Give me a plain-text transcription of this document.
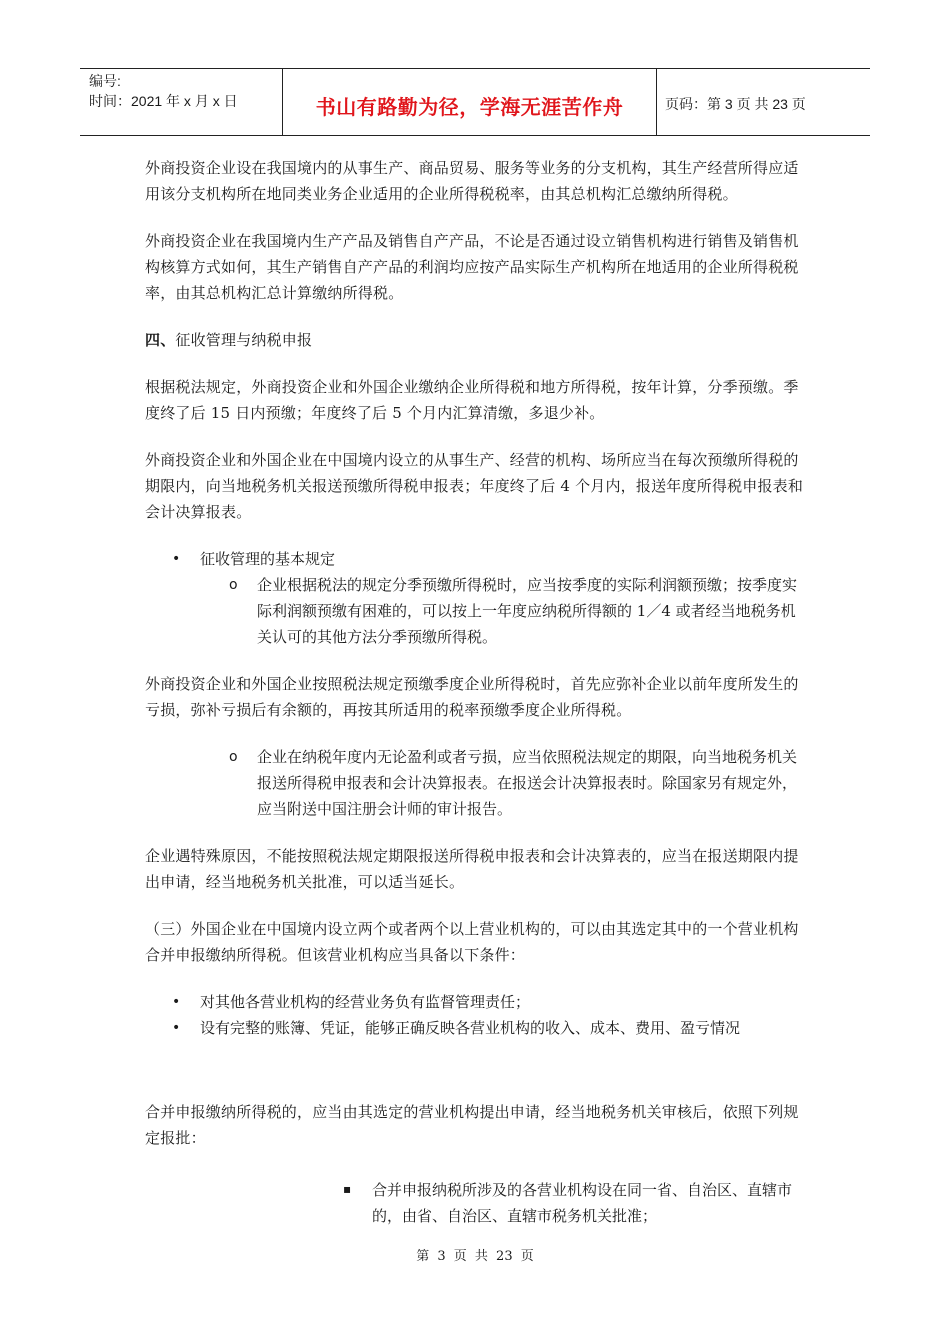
编号:
时间：2021 年 x 月 x 日	书山有路勤为径，学海无涯苦作舟	页码：第 3 页 共 23 页

外商投资企业设在我国境内的从事生产、商品贸易、服务等业务的分支机构，其生产经营所得应适用该分支机构所在地同类业务企业适用的企业所得税税率，由其总机构汇总缴纳所得税。

外商投资企业在我国境内生产产品及销售自产产品，不论是否通过设立销售机构进行销售及销售机构核算方式如何，其生产销售自产产品的利润均应按产品实际生产机构所在地适用的企业所得税税率，由其总机构汇总计算缴纳所得税。

四、征收管理与纳税申报

根据税法规定，外商投资企业和外国企业缴纳企业所得税和地方所得税，按年计算，分季预缴。季度终了后 15 日内预缴；年度终了后 5 个月内汇算清缴，多退少补。

外商投资企业和外国企业在中国境内设立的从事生产、经营的机构、场所应当在每次预缴所得税的期限内，向当地税务机关报送预缴所得税申报表；年度终了后 4 个月内，报送年度所得税申报表和会计决算报表。

• 征收管理的基本规定
o 企业根据税法的规定分季预缴所得税时，应当按季度的实际利润额预缴；按季度实际利润额预缴有困难的，可以按上一年度应纳税所得额的 1／4 或者经当地税务机关认可的其他方法分季预缴所得税。

外商投资企业和外国企业按照税法规定预缴季度企业所得税时，首先应弥补企业以前年度所发生的亏损，弥补亏损后有余额的，再按其所适用的税率预缴季度企业所得税。

o 企业在纳税年度内无论盈利或者亏损，应当依照税法规定的期限，向当地税务机关报送所得税申报表和会计决算报表。在报送会计决算报表时。除国家另有规定外，应当附送中国注册会计师的审计报告。

企业遇特殊原因，不能按照税法规定期限报送所得税申报表和会计决算表的，应当在报送期限内提出申请，经当地税务机关批准，可以适当延长。

（三）外国企业在中国境内设立两个或者两个以上营业机构的，可以由其选定其中的一个营业机构合并申报缴纳所得税。但该营业机构应当具备以下条件：

• 对其他各营业机构的经营业务负有监督管理责任；
• 设有完整的账簿、凭证，能够正确反映各营业机构的收入、成本、费用、盈亏情况

合并申报缴纳所得税的，应当由其选定的营业机构提出申请，经当地税务机关审核后，依照下列规定报批：

▪ 合并申报纳税所涉及的各营业机构设在同一省、自治区、直辖市的，由省、自治区、直辖市税务机关批准；
第 3 页 共 23 页
